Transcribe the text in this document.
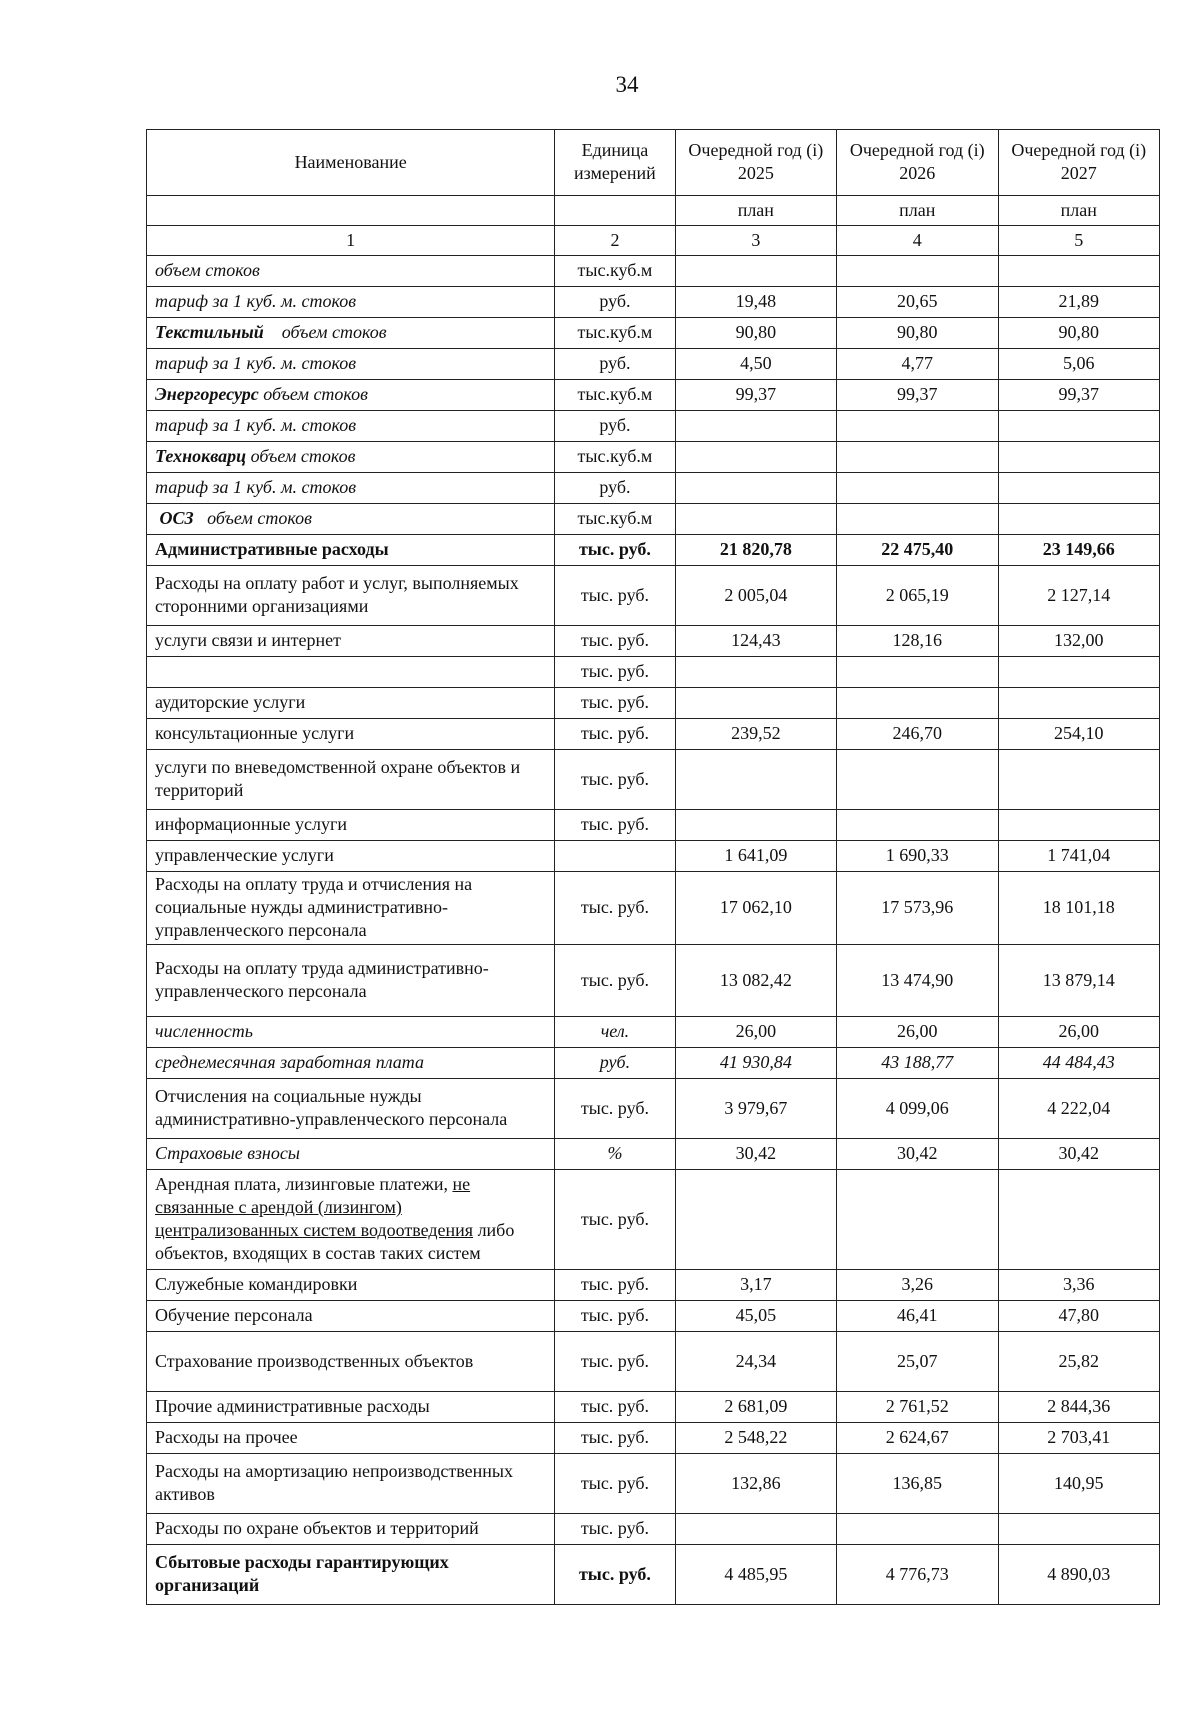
34
Наименование	Единица измерений	Очередной год (i) 2025	Очередной год (i) 2026	Очередной год (i) 2027
		план	план	план
1	2	3	4	5
объем стоков	тыс.куб.м			
тариф за 1 куб. м. стоков	руб.	19,48	20,65	21,89
Текстильный объем стоков	тыс.куб.м	90,80	90,80	90,80
тариф за 1 куб. м. стоков	руб.	4,50	4,77	5,06
Энергоресурс объем стоков	тыс.куб.м	99,37	99,37	99,37
тариф за 1 куб. м. стоков	руб.			
Технокварц объем стоков	тыс.куб.м			
тариф за 1 куб. м. стоков	руб.			
ОСЗ объем стоков	тыс.куб.м			
Административные расходы	тыс. руб.	21 820,78	22 475,40	23 149,66
Расходы на оплату работ и услуг, выполняемых сторонними организациями	тыс. руб.	2 005,04	2 065,19	2 127,14
услуги связи и интернет	тыс. руб.	124,43	128,16	132,00
	тыс. руб.			
аудиторские услуги	тыс. руб.			
консультационные услуги	тыс. руб.	239,52	246,70	254,10
услуги по вневедомственной охране объектов и территорий	тыс. руб.			
информационные услуги	тыс. руб.			
управленческие услуги		1 641,09	1 690,33	1 741,04
Расходы на оплату труда и отчисления на социальные нужды административно-управленческого персонала	тыс. руб.	17 062,10	17 573,96	18 101,18
Расходы на оплату труда административно-управленческого персонала	тыс. руб.	13 082,42	13 474,90	13 879,14
численность	чел.	26,00	26,00	26,00
среднемесячная заработная плата	руб.	41 930,84	43 188,77	44 484,43
Отчисления на социальные нужды административно-управленческого персонала	тыс. руб.	3 979,67	4 099,06	4 222,04
Страховые взносы	%	30,42	30,42	30,42
Арендная плата, лизинговые платежи, не связанные с арендой (лизингом) централизованных систем водоотведения либо объектов, входящих в состав таких систем	тыс. руб.			
Служебные командировки	тыс. руб.	3,17	3,26	3,36
Обучение персонала	тыс. руб.	45,05	46,41	47,80
Страхование производственных объектов	тыс. руб.	24,34	25,07	25,82
Прочие административные расходы	тыс. руб.	2 681,09	2 761,52	2 844,36
Расходы на прочее	тыс. руб.	2 548,22	2 624,67	2 703,41
Расходы на амортизацию непроизводственных активов	тыс. руб.	132,86	136,85	140,95
Расходы по охране объектов и территорий	тыс. руб.			
Сбытовые расходы гарантирующих организаций	тыс. руб.	4 485,95	4 776,73	4 890,03
